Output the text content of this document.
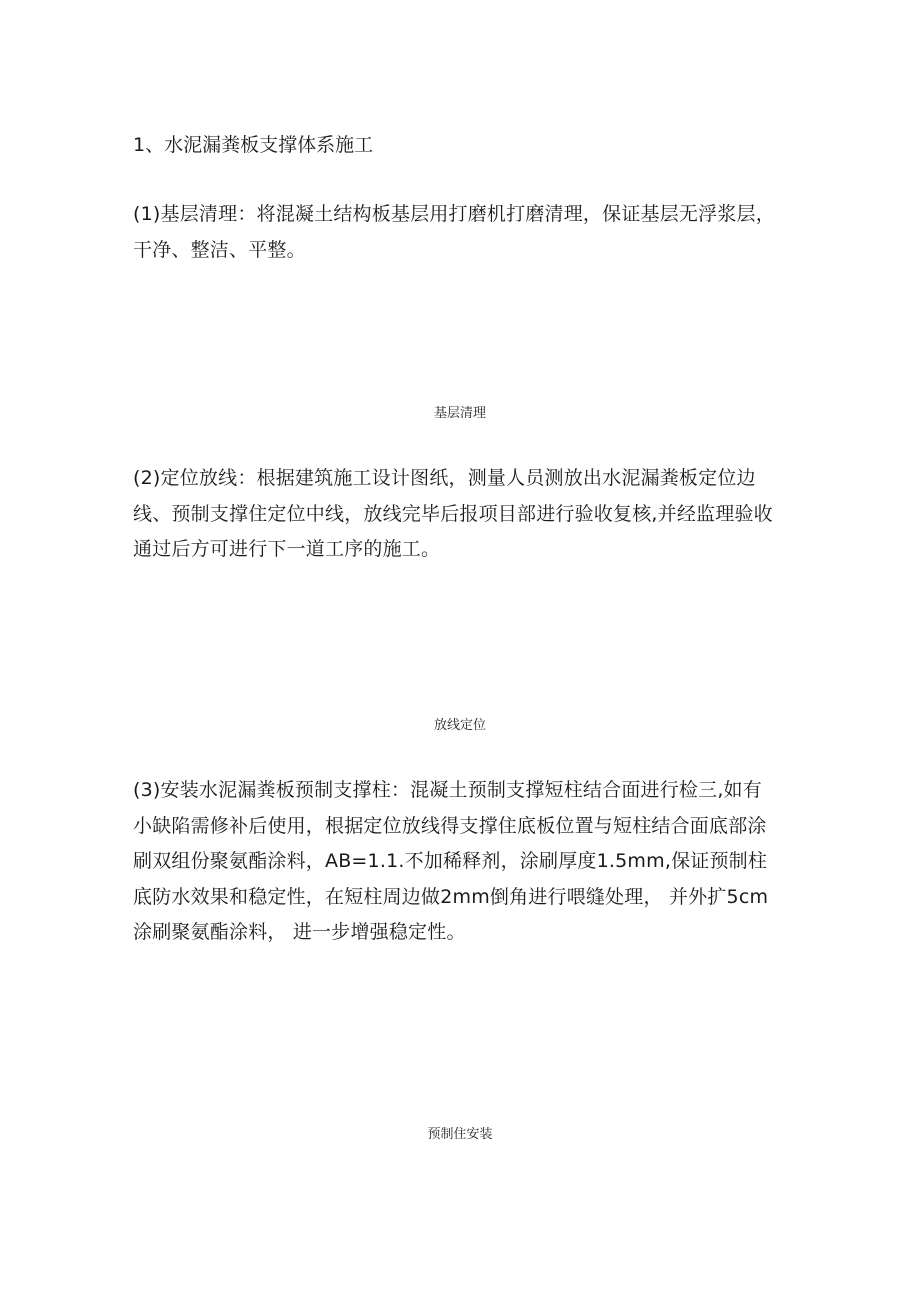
1、水泥漏粪板支撑体系施工
(1)基层清理：将混凝土结构板基层用打磨机打磨清理，保证基层无浮浆层，
干净、整洁、平整。
基层清理
(2)定位放线：根据建筑施工设计图纸，测量人员测放出水泥漏粪板定位边
线、预制支撑住定位中线，放线完毕后报项目部进行验收复核,并经监理验收
通过后方可进行下一道工序的施工。
放线定位
(3)安装水泥漏粪板预制支撑柱：混凝土预制支撑短柱结合面进行检三,如有
小缺陷需修补后使用，根据定位放线得支撑住底板位置与短柱结合面底部涂
刷双组份聚氨酯涂料，AB=1.1.不加稀释剂，涂刷厚度1.5mm,保证预制柱
底防水效果和稳定性，在短柱周边做2mm倒角进行喂缝处理， 并外扩5cm
涂刷聚氨酯涂料， 进一步增强稳定性。
预制住安装
